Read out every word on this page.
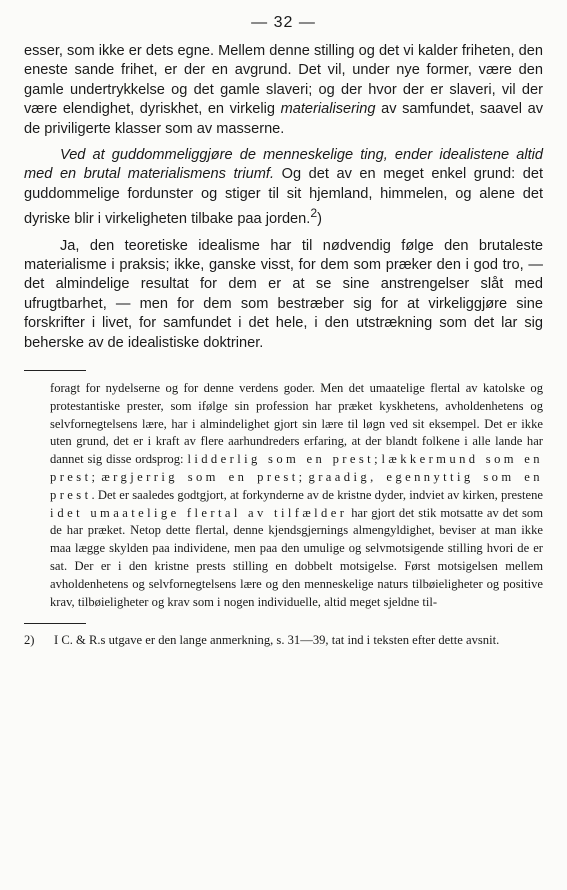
— 32 —

esser, som ikke er dets egne. Mellem denne stilling og det vi kalder friheten, den eneste sande frihet, er der en avgrund. Det vil, under nye former, være den gamle undertrykkelse og det gamle slaveri; og der hvor der er slaveri, vil der være elendighet, dyriskhet, en virkelig materialisering av samfundet, saavel av de priviligerte klasser som av masserne.

Ved at guddommeliggjøre de menneskelige ting, ender idealistene altid med en brutal materialismens triumf. Og det av en meget enkel grund: det guddommelige fordunster og stiger til sit hjemland, himmelen, og alene det dyriske blir i virkeligheten tilbake paa jorden.$^2$)

Ja, den teoretiske idealisme har til nødvendig følge den brutaleste materialisme i praksis; ikke, ganske visst, for dem som præker den i god tro, — det almindelige resultat for dem er at se sine anstrengelser slåt med ufrugtbarhet, — men for dem som bestræber sig for at virkeliggjøre sine forskrifter i livet, for samfundet i det hele, i den utstrækning som det lar sig beherske av de idealistiske doktriner.

foragt for nydelserne og for denne verdens goder. Men det umaatelige flertal av katolske og protestantiske prester, som ifølge sin profession har præket kyskhetens, avholdenhetens og selvfornegtelsens lære, har i almindelighet gjort sin lære til løgn ved sit eksempel. Det er ikke uten grund, det er i kraft av flere aarhundreders erfaring, at der blandt folkene i alle lande har dannet sig disse ordsprog: lidderlig som en prest; lækkermund som en prest; ærgjerrig som en prest; graadig, egennyttig som en prest. Det er saaledes godtgjort, at forkynderne av de kristne dyder, indviet av kirken, prestene i det umaatelige flertal av tilfælder har gjort det stik motsatte av det som de har præket. Netop dette flertal, denne kjendsgjernings almengyldighet, beviser at man ikke maa lægge skylden paa individene, men paa den umulige og selvmotsigende stilling hvori de er sat. Der er i den kristne prests stilling en dobbelt motsigelse. Først motsigelsen mellem avholdenhetens og selvfornegtelsens lære og den menneskelige naturs tilbøieligheter og positive krav, tilbøieligheter og krav som i nogen individuelle, altid meget sjeldne til-

2) I C. & R.s utgave er den lange anmerkning, s. 31—39, tat ind i teksten efter dette avsnit.
